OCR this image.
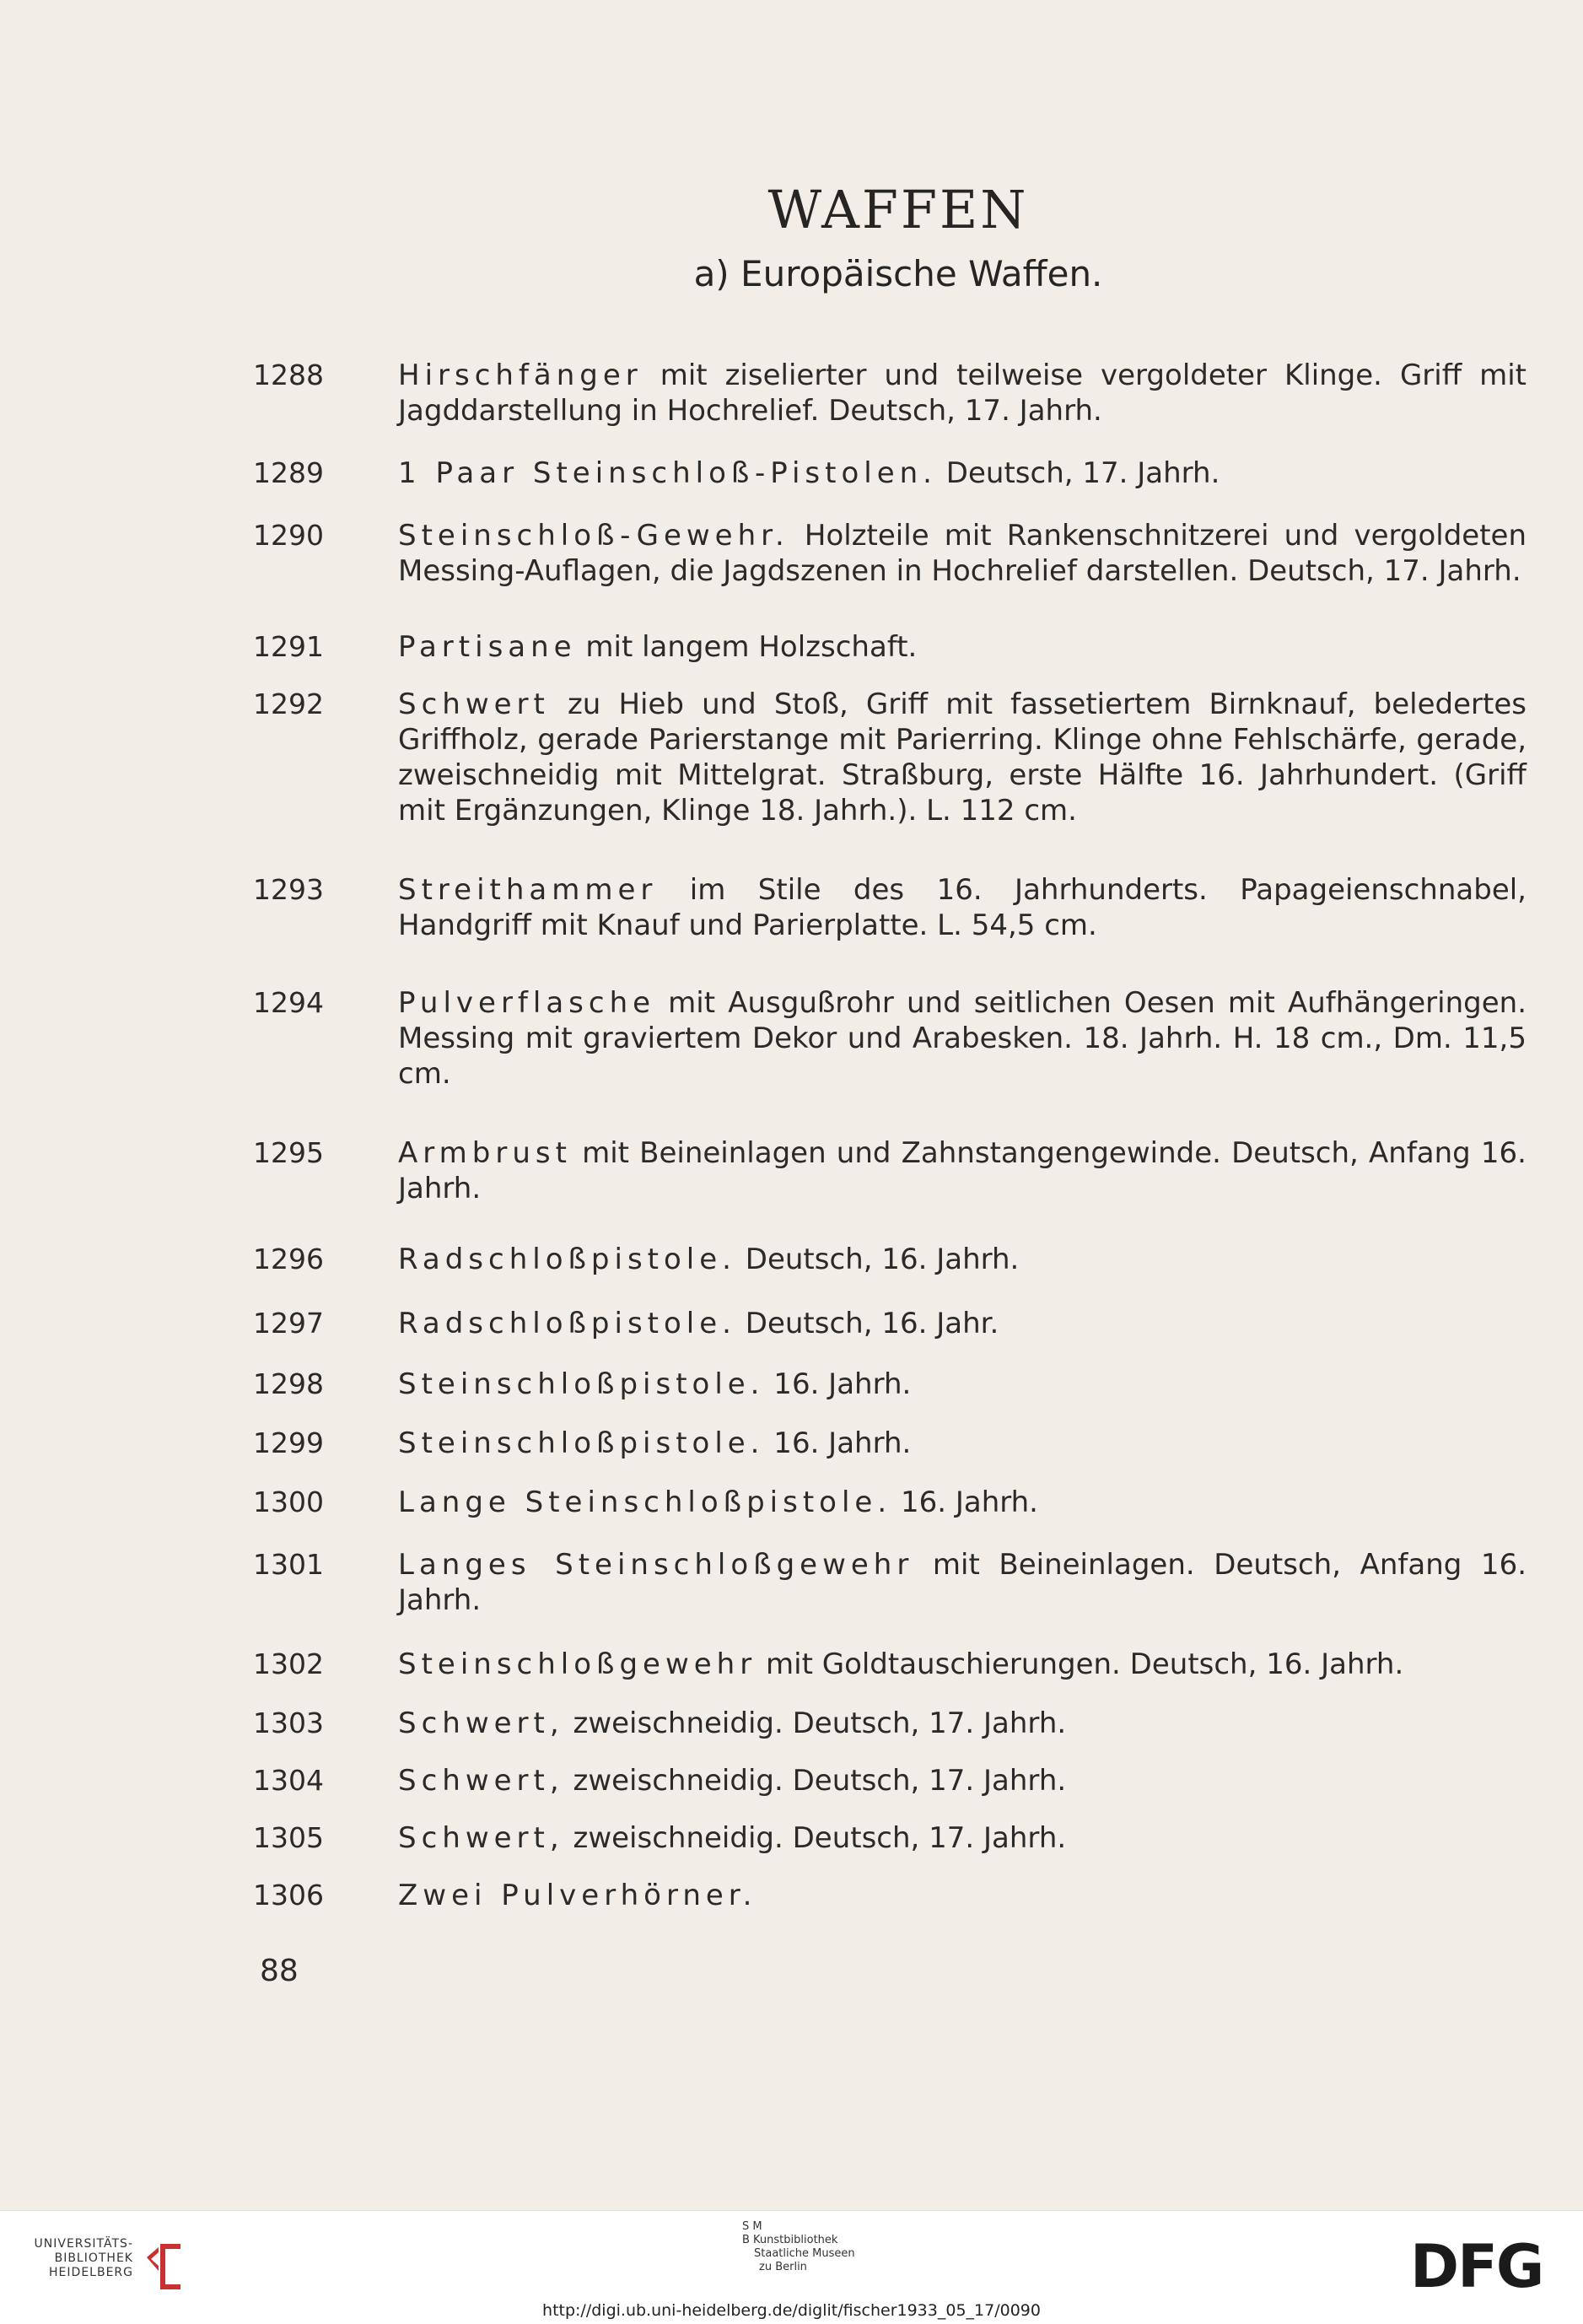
WAFFEN
a) Europäische Waffen.
1288	Hirschfänger mit ziselierter und teilweise vergoldeter Klinge. Griff mit Jagddarstellung in Hochrelief. Deutsch, 17. Jahrh.
1289	1 Paar Steinschloß-Pistolen. Deutsch, 17. Jahrh.
1290	Steinschloß-Gewehr. Holzteile mit Rankenschnitzerei und vergoldeten Messing-Auflagen, die Jagdszenen in Hochrelief darstellen. Deutsch, 17. Jahrh.
1291	Partisane mit langem Holzschaft.
1292	Schwert zu Hieb und Stoß, Griff mit fassetiertem Birnknauf, beledertes Griffholz, gerade Parierstange mit Parierring. Klinge ohne Fehlschärfe, gerade, zweischneidig mit Mittelgrat. Straßburg, erste Hälfte 16. Jahrhundert. (Griff mit Ergänzungen, Klinge 18. Jahrh.). L. 112 cm.
1293	Streithammer im Stile des 16. Jahrhunderts. Papageienschnabel, Handgriff mit Knauf und Parierplatte. L. 54,5 cm.
1294	Pulverflasche mit Ausgußrohr und seitlichen Oesen mit Aufhängeringen. Messing mit graviertem Dekor und Arabesken. 18. Jahrh. H. 18 cm., Dm. 11,5 cm.
1295	Armbrust mit Beineinlagen und Zahnstangengewinde. Deutsch, Anfang 16. Jahrh.
1296	Radschloßpistole. Deutsch, 16. Jahrh.
1297	Radschloßpistole. Deutsch, 16. Jahr.
1298	Steinschloßpistole. 16. Jahrh.
1299	Steinschloßpistole. 16. Jahrh.
1300	Lange Steinschloßpistole. 16. Jahrh.
1301	Langes Steinschloßgewehr mit Beineinlagen. Deutsch, Anfang 16. Jahrh.
1302	Steinschloßgewehr mit Goldtauschierungen. Deutsch, 16. Jahrh.
1303	Schwert, zweischneidig. Deutsch, 17. Jahrh.
1304	Schwert, zweischneidig. Deutsch, 17. Jahrh.
1305	Schwert, zweischneidig. Deutsch, 17. Jahrh.
1306	Zwei Pulverhörner.
88
UNIVERSITÄTS-
BIBLIOTHEK
HEIDELBERG
S M
B Kunstbibliothek
Staatliche Museen
zu Berlin	DFG
http://digi.ub.uni-heidelberg.de/diglit/fischer1933_05_17/0090
